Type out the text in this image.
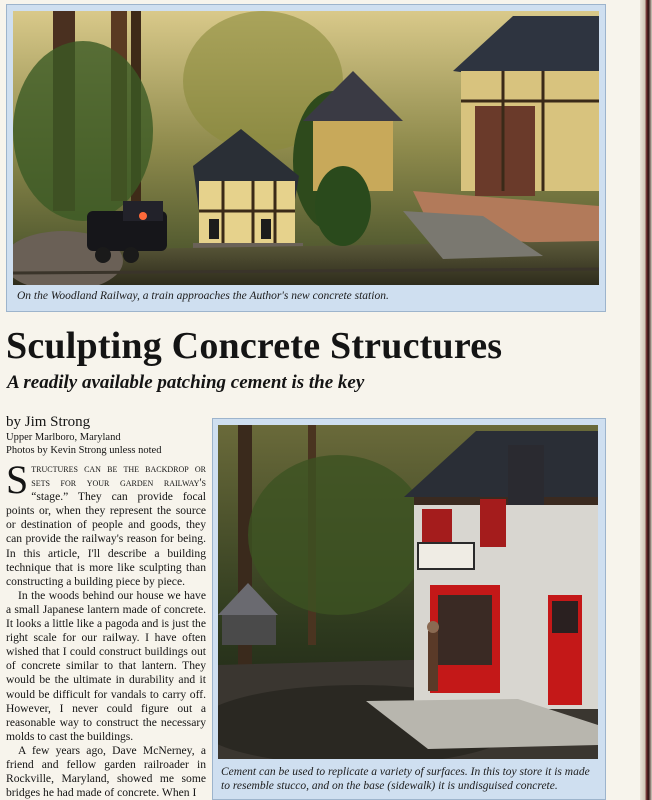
On the Woodland Railway, a train approaches the Author's new concrete station.
Sculpting Concrete Structures
A readily available patching cement is the key
by Jim Strong
Upper Marlboro, Maryland
Photos by Kevin Strong unless noted

Structures can be the backdrop or sets for your garden railway's “stage.” They can provide focal points or, when they represent the source or destination of people and goods, they can provide the railway's reason for being. In this article, I'll describe a building technique that is more like sculpting than constructing a building piece by piece.

In the woods behind our house we have a small Japanese lantern made of concrete. It looks a little like a pagoda and is just the right scale for our railway. I have often wished that I could construct buildings out of concrete similar to that lantern. They would be the ultimate in durability and it would be difficult for vandals to carry off. However, I never could figure out a reasonable way to construct the necessary molds to cast the buildings.

A few years ago, Dave McNerney, a friend and fellow garden railroader in Rockville, Maryland, showed me some bridges he had made of concrete. When I

Cement can be used to replicate a variety of surfaces. In this toy store it is made to resemble stucco, and on the base (sidewalk) it is undisguised concrete.
